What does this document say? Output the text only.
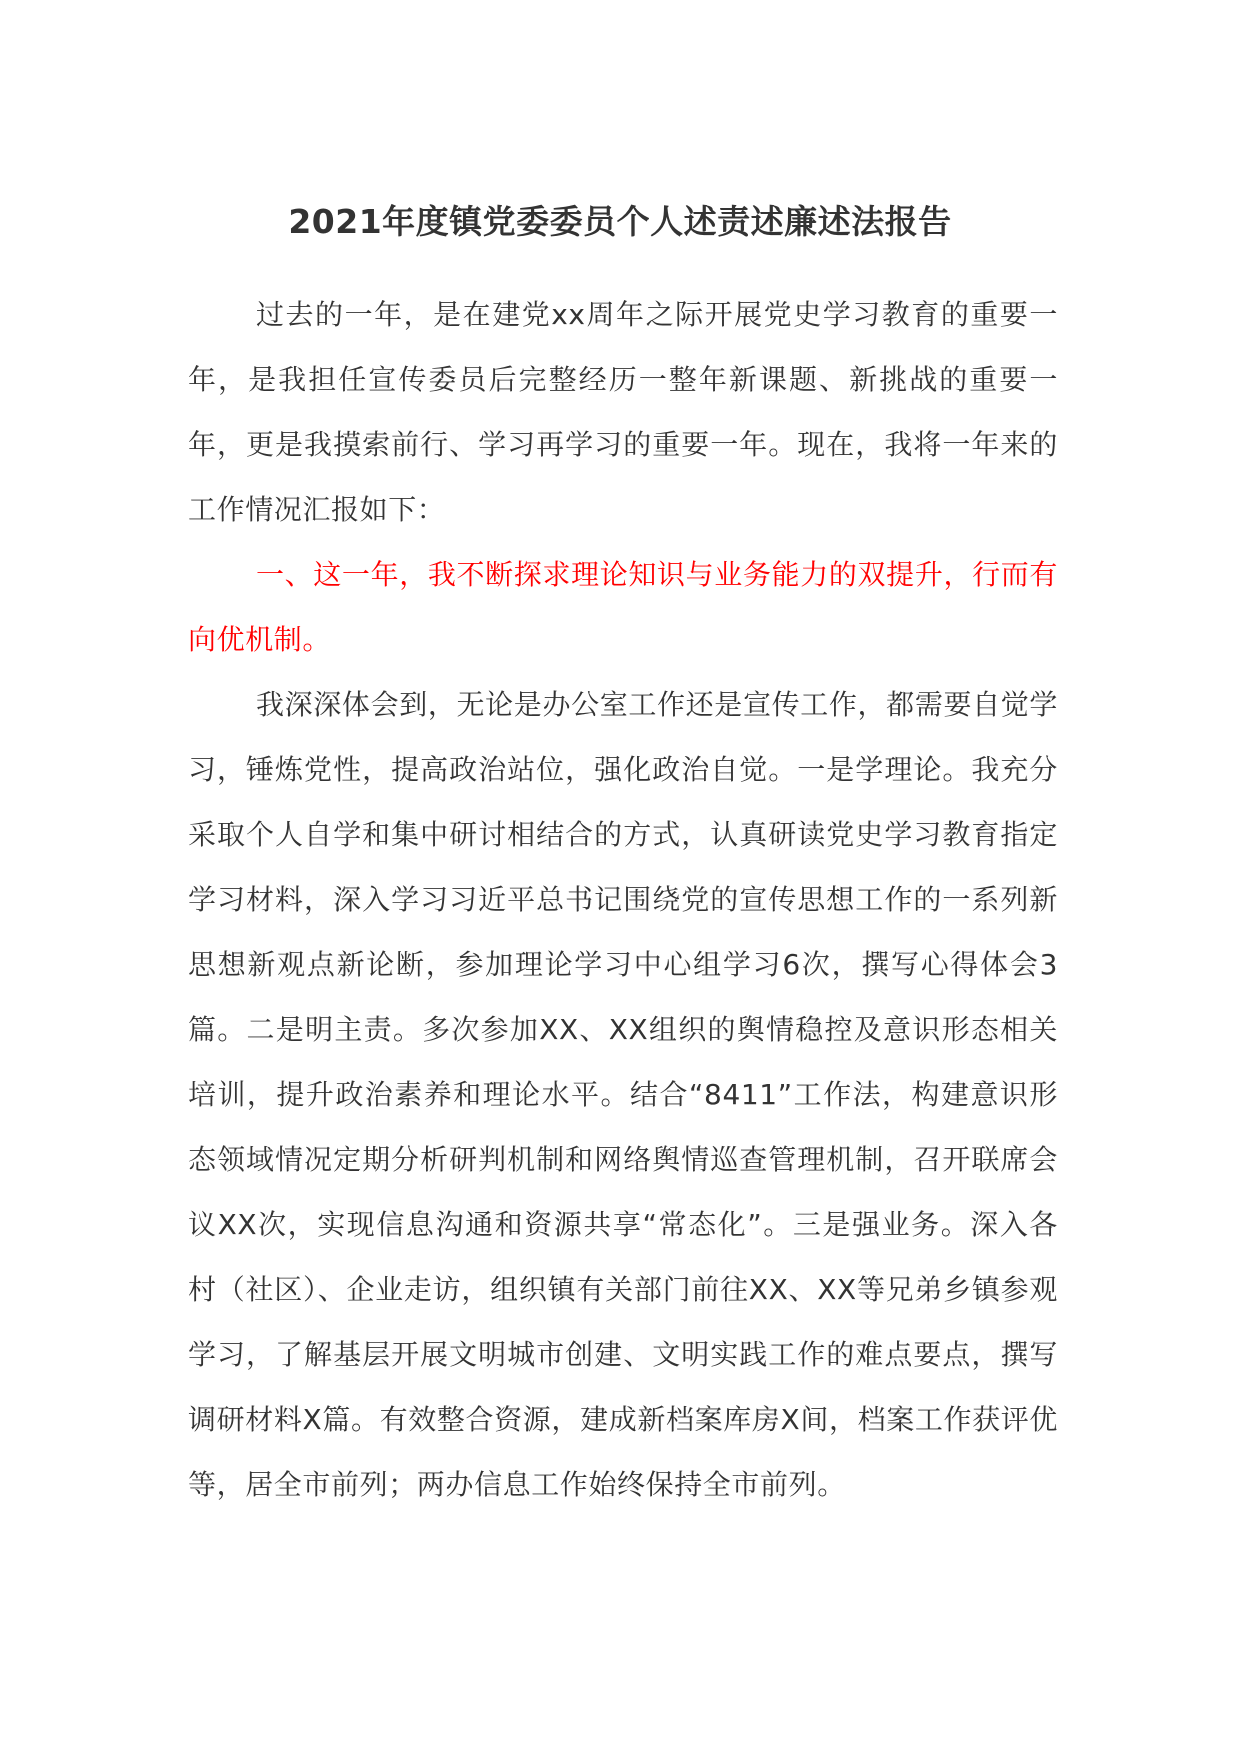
2021年度镇党委委员个人述责述廉述法报告

过去的一年，是在建党xx周年之际开展党史学习教育的重要一年，是我担任宣传委员后完整经历一整年新课题、新挑战的重要一年，更是我摸索前行、学习再学习的重要一年。现在，我将一年来的工作情况汇报如下：

一、这一年，我不断探求理论知识与业务能力的双提升，行而有向优机制。

我深深体会到，无论是办公室工作还是宣传工作，都需要自觉学习，锤炼党性，提高政治站位，强化政治自觉。一是学理论。我充分采取个人自学和集中研讨相结合的方式，认真研读党史学习教育指定学习材料，深入学习习近平总书记围绕党的宣传思想工作的一系列新思想新观点新论断，参加理论学习中心组学习6次，撰写心得体会3篇。二是明主责。多次参加XX、XX组织的舆情稳控及意识形态相关培训，提升政治素养和理论水平。结合“8411”工作法，构建意识形态领域情况定期分析研判机制和网络舆情巡查管理机制，召开联席会议XX次，实现信息沟通和资源共享“常态化”。三是强业务。深入各村（社区）、企业走访，组织镇有关部门前往XX、XX等兄弟乡镇参观学习，了解基层开展文明城市创建、文明实践工作的难点要点，撰写调研材料X篇。有效整合资源，建成新档案库房X间，档案工作获评优等，居全市前列；两办信息工作始终保持全市前列。
